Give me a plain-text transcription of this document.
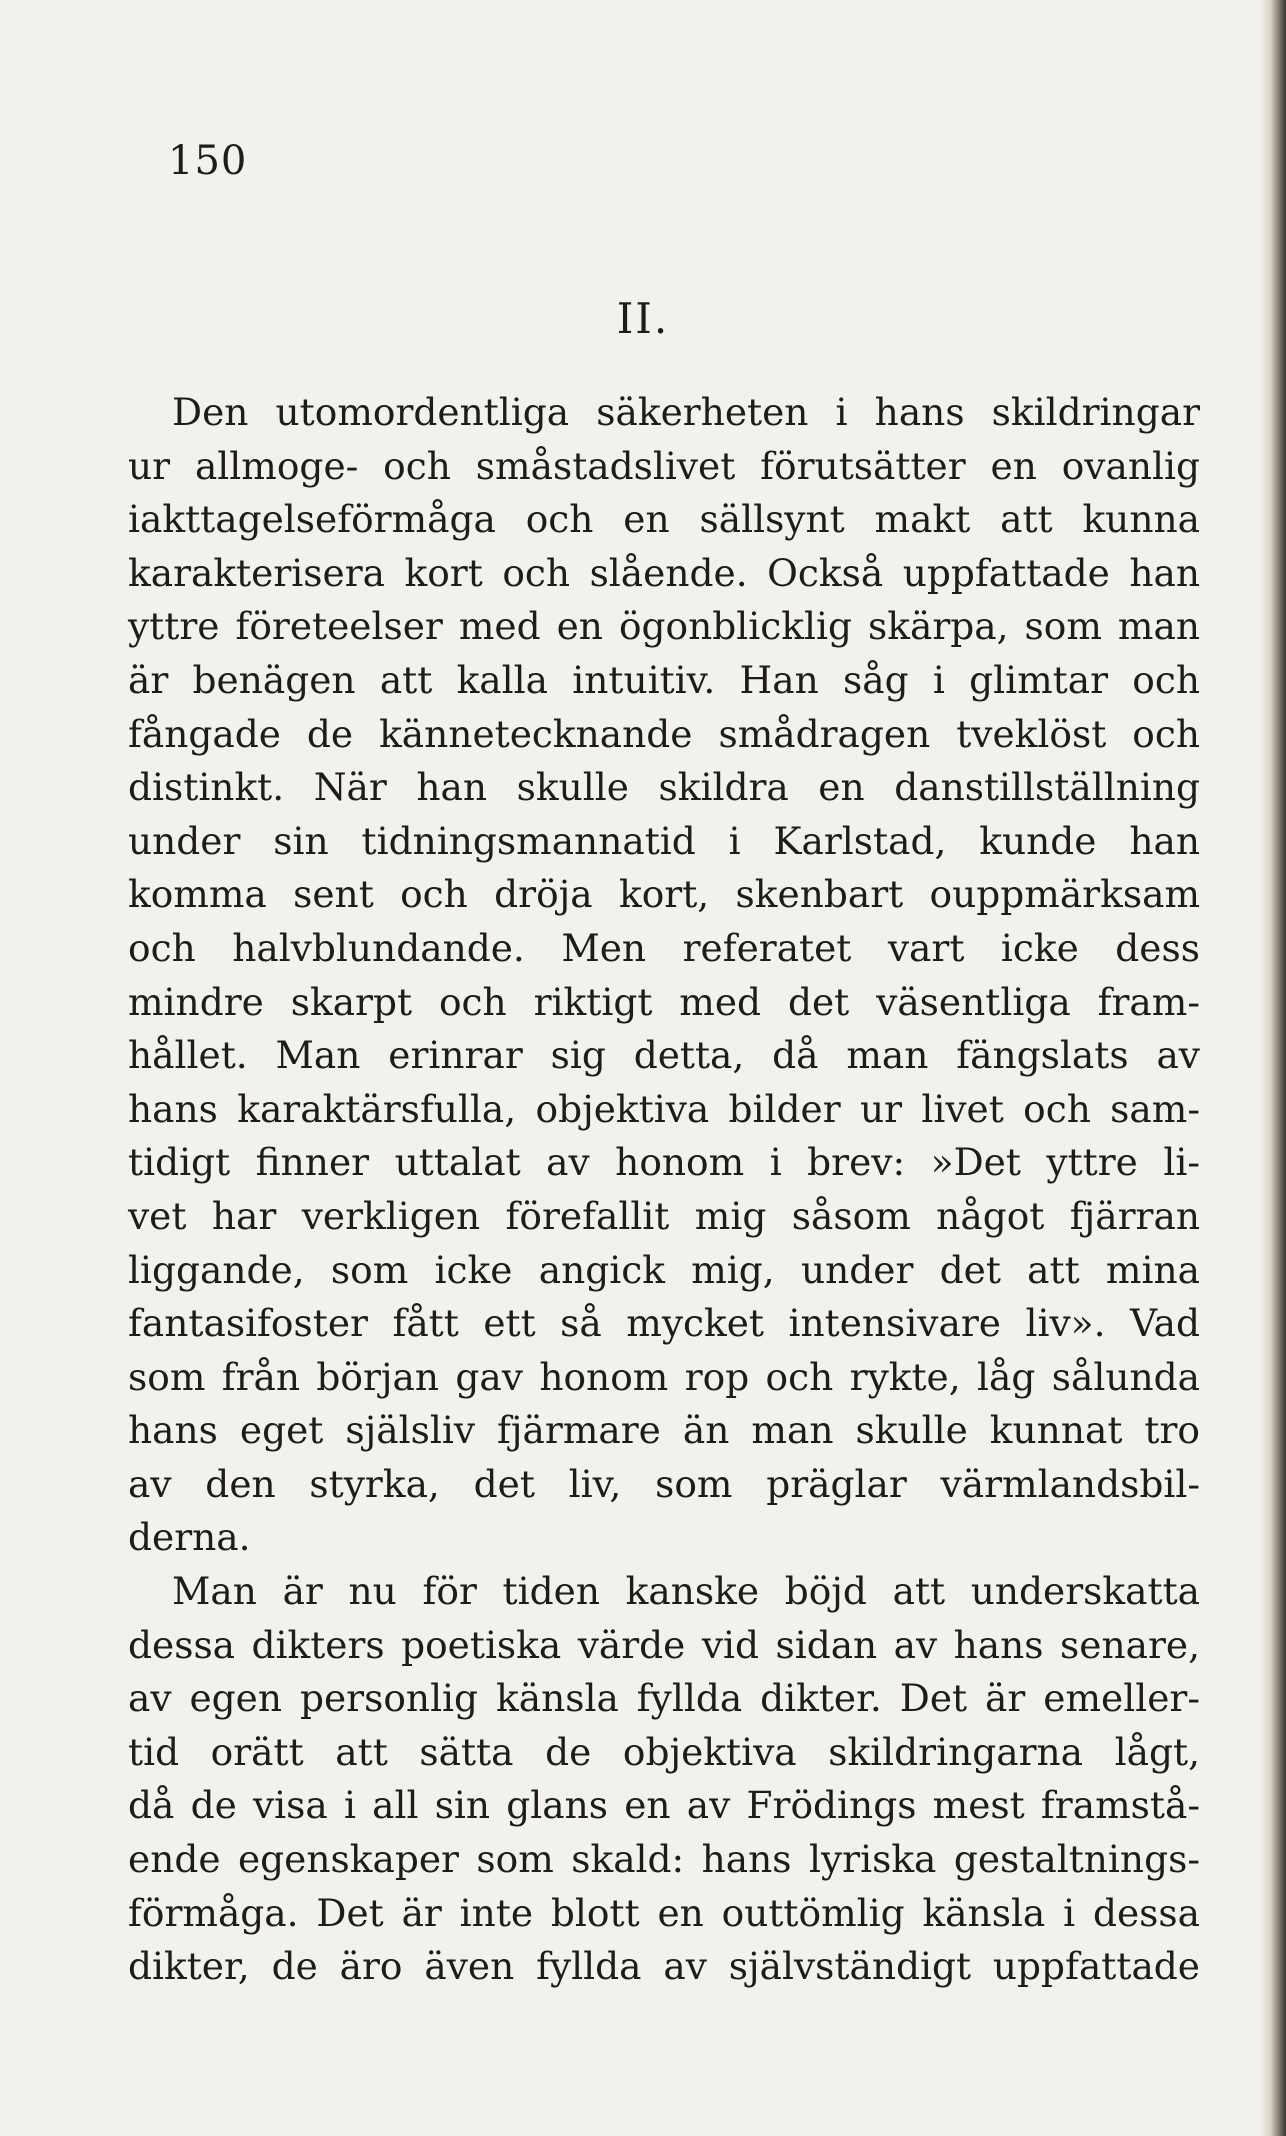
150
II.
Den utomordentliga säkerheten i hans skildringar
ur allmoge- och småstadslivet förutsätter en ovanlig
iakttagelseförmåga och en sällsynt makt att kunna
karakterisera kort och slående. Också uppfattade han
yttre företeelser med en ögonblicklig skärpa, som man
är benägen att kalla intuitiv. Han såg i glimtar och
fångade de kännetecknande smådragen tveklöst och
distinkt. När han skulle skildra en danstillställning
under sin tidningsmannatid i Karlstad, kunde han
komma sent och dröja kort, skenbart ouppmärksam
och halvblundande. Men referatet vart icke dess
mindre skarpt och riktigt med det väsentliga fram-
hållet. Man erinrar sig detta, då man fängslats av
hans karaktärsfulla, objektiva bilder ur livet och sam-
tidigt finner uttalat av honom i brev: »Det yttre li-
vet har verkligen förefallit mig såsom något fjärran
liggande, som icke angick mig, under det att mina
fantasifoster fått ett så mycket intensivare liv». Vad
som från början gav honom rop och rykte, låg sålunda
hans eget själsliv fjärmare än man skulle kunnat tro
av den styrka, det liv, som präglar värmlandsbil-
derna.
Man är nu för tiden kanske böjd att underskatta
dessa dikters poetiska värde vid sidan av hans senare,
av egen personlig känsla fyllda dikter. Det är emeller-
tid orätt att sätta de objektiva skildringarna lågt,
då de visa i all sin glans en av Frödings mest framstå-
ende egenskaper som skald: hans lyriska gestaltnings-
förmåga. Det är inte blott en outtömlig känsla i dessa
dikter, de äro även fyllda av självständigt uppfattade
